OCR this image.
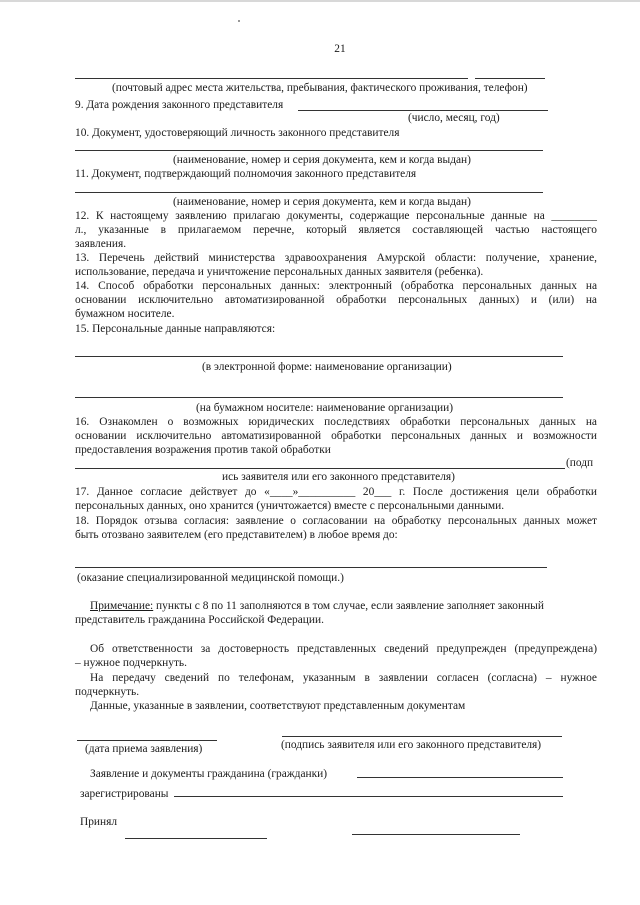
21
(почтовый адрес места жительства, пребывания, фактического проживания, телефон)
9. Дата рождения законного представителя
(число, месяц, год)
10. Документ, удостоверяющий личность законного представителя
(наименование, номер и серия документа, кем и когда выдан)
11. Документ, подтверждающий полномочия законного представителя
(наименование, номер и серия документа, кем и когда выдан)
12. К настоящему заявлению прилагаю документы, содержащие персональные данные на ________
л., указанные в прилагаемом перечне, который является составляющей частью настоящего
заявления.
13. Перечень действий министерства здравоохранения Амурской области: получение, хранение,
использование, передача и уничтожение персональных данных заявителя (ребенка).
14. Способ обработки персональных данных: электронный (обработка персональных данных на
основании исключительно автоматизированной обработки персональных данных) и (или) на
бумажном носителе.
15. Персональные данные направляются:
(в электронной форме: наименование организации)
(на бумажном носителе: наименование организации)
16. Ознакомлен о возможных юридических последствиях обработки персональных данных на
основании исключительно автоматизированной обработки персональных данных и возможности
предоставления возражения против такой обработки
(подп
ись заявителя или его законного представителя)
17. Данное согласие действует до «____»__________ 20___ г. После достижения цели обработки
персональных данных, оно хранится (уничтожается) вместе с персональными данными.
18. Порядок отзыва согласия: заявление о согласовании на обработку персональных данных может
быть отозвано заявителем (его представителем) в любое время до:
(оказание специализированной медицинской помощи.)
Примечание: пункты с 8 по 11 заполняются в том случае, если заявление заполняет законный
представитель гражданина Российской Федерации.
Об ответственности за достоверность представленных сведений предупрежден (предупреждена)
– нужное подчеркнуть.
На передачу сведений по телефонам, указанным в заявлении согласен (согласна) – нужное
подчеркнуть.
Данные, указанные в заявлении, соответствуют представленным документам
(дата приема заявления)	(подпись заявителя или его законного представителя)
Заявление и документы гражданина (гражданки)
зарегистрированы
Принял
